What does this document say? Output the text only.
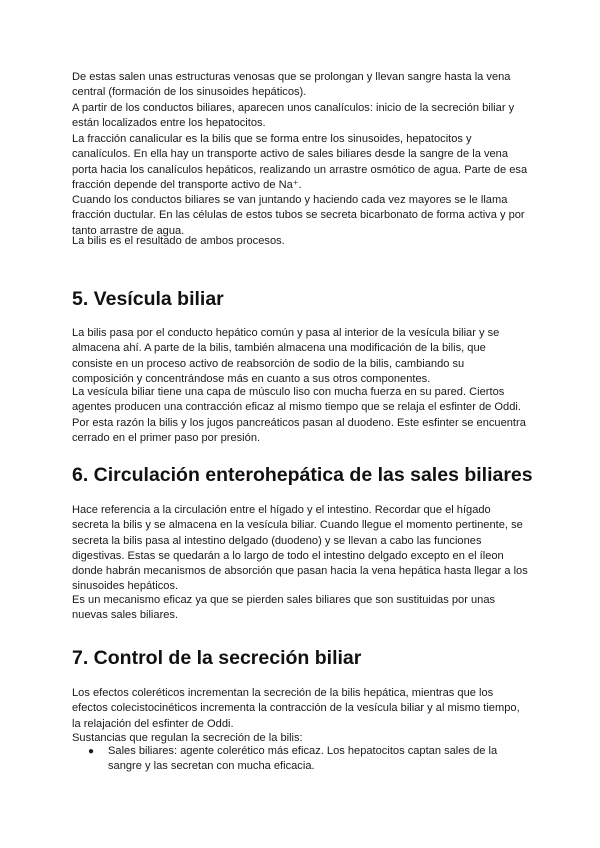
De estas salen unas estructuras venosas que se prolongan y llevan sangre hasta la vena central (formación de los sinusoides hepáticos).

A partir de los conductos biliares, aparecen unos canalículos: inicio de la secreción biliar y están localizados entre los hepatocitos.

La fracción canalicular es la bilis que se forma entre los sinusoides, hepatocitos y canalículos. En ella hay un transporte activo de sales biliares desde la sangre de la vena porta hacia los canalículos hepáticos, realizando un arrastre osmótico de agua. Parte de esa fracción depende del transporte activo de Na⁺.

Cuando los conductos biliares se van juntando y haciendo cada vez mayores se le llama fracción ductular. En las células de estos tubos se secreta bicarbonato de forma activa y por tanto arrastre de agua.

La bilis es el resultado de ambos procesos.

5. Vesícula biliar

La bilis pasa por el conducto hepático común y pasa al interior de la vesícula biliar y se almacena ahí. A parte de la bilis, también almacena una modificación de la bilis, que consiste en un proceso activo de reabsorción de sodio de la bilis, cambiando su composición y concentrándose más en cuanto a sus otros componentes.

La vesícula biliar tiene una capa de músculo liso con mucha fuerza en su pared. Ciertos agentes producen una contracción eficaz al mismo tiempo que se relaja el esfinter de Oddi. Por esta razón la bilis y los jugos pancreáticos pasan al duodeno. Este esfinter se encuentra cerrado en el primer paso por presión.

6. Circulación enterohepática de las sales biliares

Hace referencia a la circulación entre el hígado y el intestino. Recordar que el hígado secreta la bilis y se almacena en la vesícula biliar. Cuando llegue el momento pertinente, se secreta la bilis pasa al intestino delgado (duodeno) y se llevan a cabo las funciones digestivas. Estas se quedarán a lo largo de todo el intestino delgado excepto en el íleon donde habrán mecanismos de absorción que pasan hacia la vena hepática hasta llegar a los sinusoides hepáticos.

Es un mecanismo eficaz ya que se pierden sales biliares que son sustituidas por unas nuevas sales biliares.

7. Control de la secreción biliar

Los efectos coleréticos incrementan la secreción de la bilis hepática, mientras que los efectos colecistocinéticos incrementa la contracción de la vesícula biliar y al mismo tiempo, la relajación del esfinter de Oddi.

Sustancias que regulan la secreción de la bilis:

●	Sales biliares: agente colerético más eficaz. Los hepatocitos captan sales de la sangre y las secretan con mucha eficacia.
